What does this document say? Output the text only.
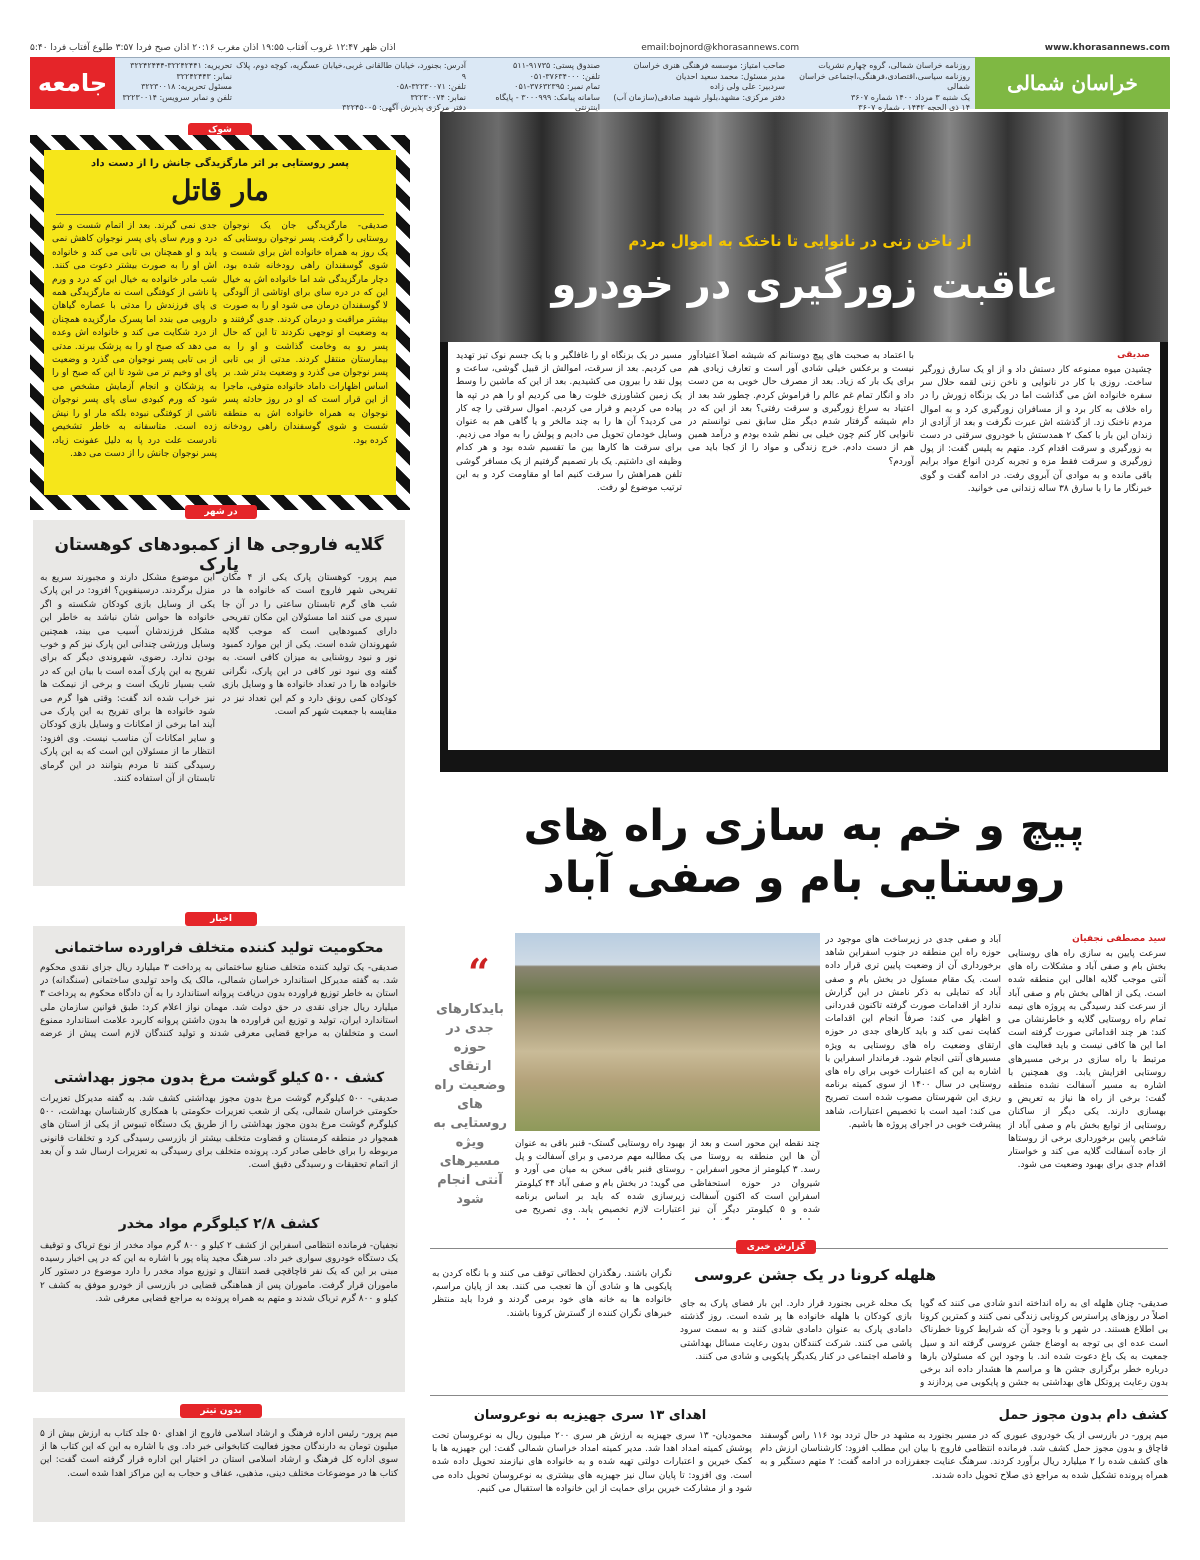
اذان ظهر ۱۲:۴۷ غروب آفتاب ۱۹:۵۵ اذان مغرب ۲۰:۱۶ اذان صبح فردا ۳:۵۷ طلوع آفتاب فردا ۵:۴۰	email:bojnord@khorasannews.com	www.khorasannews.com
خراسان شمالی
جامعه
روزنامه خراسان شمالی، گروه چهارم نشریات
روزنامه سیاسی،اقتصادی،فرهنگی،اجتماعی خراسان شمالی
یک شنبه ۳ مرداد ۱۴۰۰ شماره ۳۶۰۷
۱۴ ذی الحجه ۱۴۴۲ ، شماره ۳۶۰۷
صاحب امتیاز: موسسه فرهنگی هنری خراسان
مدیر مسئول: محمد سعید احدیان
سردبیر: علی ولی زاده
دفتر مرکزی: مشهد،بلوار شهید صادقی(سازمان آب)
صندوق پستی: ۹۱۷۳۵-۵۱۱
تلفن: ۳۷۶۳۴۰۰۰-۰۵۱
تمام نمبر: ۳۷۶۳۲۳۹۵-۰۵۱
سامانه پیامک: ۳۰۰۰۹۹۹ - پایگاه اینترنتی
آدرس: بجنورد، خیابان طالقانی غربی،خیابان عسگریه، کوچه دوم، پلاک ۹
تلفن: ۳۲۲۳۰۰۷۱-۰۵۸
نمابر: ۳۲۲۳۰۰۷۴
دفتر مرکزی پذیرش آگهی: ۳۲۲۴۵۰۰۵
تحریریه: ۳۲۲۴۲۴۴۱-۳۲۲۴۲۴۴۴
نمابر: ۳۲۲۴۲۴۴۳
مسئول تحریریه: ۳۲۲۳۰۰۱۸
تلفن و نمابر سرویس: ۳۲۲۳۰۰۱۴
شوک
پسر روستایی بر اثر مارگزیدگی جانش را از دست داد
مار قاتل
صدیقی- مارگزیدگی جان یک نوجوان روستایی را گرفت. پسر نوجوان روستایی که یک روز به همراه خانواده اش برای شست و شوی گوسفندان راهی رودخانه شده بود، دچار مارگزیدگی شد اما خانواده اش به خیال این که در دره سای برای اوتاشی از آلودگی لا گوسفندان درمان می شود او را به صورت بیشتر مراقبت و درمان کردند. جدی گرفتند و به وضعیت او توجهی نکردند تا این که حال پسر رو به وخامت گذاشت و او را به بیمارستان منتقل کردند. مدتی از بی تابی پسر نوجوان می گذرد و وضعیت بدتر شد. بر اساس اظهارات داماد خانواده متوفی، ماجرا از این قرار است که او در روز حادثه پسر نوجوان به همراه خانواده اش به منطقه شست و شوی گوسفندان راهی رودخانه کرده بود.
جدی نمی گیرند. بعد از اتمام شست و شو درد و ورم سای پای پسر نوجوان کاهش نمی یابد و او همچنان بی تابی می کند و خانواده اش او را به صورت بیشتر دعوت می کنند. شب مادر خانواده به خیال این که درد و ورم پا ناشی از کوفتگی است نه مارگزیدگی همه ی پای فرزندش را مدتی با عصاره گیاهان دارویی می بندد اما پسرک مارگزیده همچنان از درد شکایت می کند و خانواده اش وعده می دهد که صبح او را به پزشک ببرند. مدتی از بی تابی پسر نوجوان می گذرد و وضعیت پای او وخیم تر می شود تا این که صبح او را به پزشکان و انجام آزمایش مشخص می شود که ورم کبودی سای پای پسر نوجوان ناشی از کوفتگی نبوده بلکه مار او را نیش زده است. متاسفانه به خاطر تشخیص نادرست علت درد پا به دلیل عفونت زیاد، پسر نوجوان جانش را از دست می دهد.
در شهر
گلایه فاروجی ها از کمبودهای کوهستان پارک
میم پرور- کوهستان پارک یکی از ۴ مکان تفریحی شهر فاروج است که خانواده ها در شب های گرم تابستان ساعتی را در آن جا سپری می کنند اما مسئولان این مکان تفریحی دارای کمبودهایی است که موجب گلایه شهروندان شده است. یکی از این موارد کمبود نور و نبود روشنایی به میزان کافی است. به گفته وی نبود نور کافی در این پارک، نگرانی خانواده ها را در تعداد خانواده ها و وسایل بازی کودکان کمی رونق دارد و کم این تعداد نیز در مقایسه با جمعیت شهر کم است.
این موضوع مشکل دارند و مجبورند سریع به منزل برگردند. درسینفوین؟ افزود: در این پارک یکی از وسایل بازی کودکان شکسته و اگر خانواده ها حواس شان نباشد به خاطر این مشکل فرزندشان آسیب می بیند، همچنین وسایل ورزشی چندانی این پارک نیز کم و خوب بودن ندارد. رضوی، شهروندی دیگر که برای تفریح به این پارک آمده است با بیان این که در شب بسیار تاریک است و برخی از نیمکت ها نیز خراب شده اند گفت: وقتی هوا گرم می شود خانواده ها برای تفریح به این پارک می آیند اما برخی از امکانات و وسایل بازی کودکان و سایر امکانات آن مناسب نیست. وی افزود: انتظار ما از مسئولان این است که به این پارک رسیدگی کنند تا مردم بتوانند در این گرمای تابستان از آن استفاده کنند.
اخبار
محکومیت تولید کننده متخلف فراورده ساختمانی
صدیقی- یک تولید کننده متخلف صنایع ساختمانی به پرداخت ۳ میلیارد ریال جزای نقدی محکوم شد. به گفته مدیرکل استاندارد خراسان شمالی، مالک یک واحد تولیدی ساختمانی (سنگدانه) در استان به خاطر توزیع فراورده بدون دریافت پروانه استاندارد را به آن دادگاه محکوم به پرداخت ۳ میلیارد ریال جزای نقدی در حق دولت شد. مهمان نواز اعلام کرد: طبق قوانین سازمان ملی استاندارد ایران، تولید و توزیع این فراورده ها بدون داشتن پروانه کاربرد علامت استاندارد ممنوع است و متخلفان به مراجع قضایی معرفی شدند و تولید کنندگان لازم است پیش از عرضه
کشف ۵۰۰ کیلو گوشت مرغ بدون مجوز بهداشتی
صدیقی- ۵۰۰ کیلوگرم گوشت مرغ بدون مجوز بهداشتی کشف شد. به گفته مدیرکل تعزیرات حکومتی خراسان شمالی، یکی از شعب تعزیرات حکومتی با همکاری کارشناسان بهداشت، ۵۰۰ کیلوگرم گوشت مرغ بدون مجوز بهداشتی را از طریق یک دستگاه تیبوس از یکی از استان های همجوار در منطقه کرمستان و قضاوت متخلف بیشتر از بازرسی رسیدگی کرد و تخلفات قانونی مربوطه را برای خاطی صادر کرد. پرونده متخلف برای رسیدگی به تعزیرات ارسال شد و آن بعد از اتمام تحقیقات و رسیدگی دقیق است.
کشف ۲/۸ کیلوگرم مواد مخدر
نجفیان- فرمانده انتظامی اسفراین از کشف ۲ کیلو و ۸۰۰ گرم مواد مخدر از نوع تریاک و توقیف یک دستگاه خودروی سواری خبر داد. سرهنگ مجید پناه پور با اشاره به این که در پی اخبار رسیده مبنی بر این که یک نفر قاچاقچی قصد انتقال و توزیع مواد مخدر را دارد موضوع در دستور کار ماموران قرار گرفت. ماموران پس از هماهنگی قضایی در بازرسی از خودرو موفق به کشف ۲ کیلو و ۸۰۰ گرم تریاک شدند و متهم به همراه پرونده به مراجع قضایی معرفی شد.
بدون تیتر
میم پرور- رئیس اداره فرهنگ و ارشاد اسلامی فاروج از اهدای ۵۰ جلد کتاب به ارزش بیش از ۵ میلیون تومان به دارندگان مجوز فعالیت کتابخوانی خبر داد. وی با اشاره به این که این کتاب ها از سوی اداره کل فرهنگ و ارشاد اسلامی استان در اختیار این اداره قرار گرفته است گفت: این کتاب ها در موضوعات مختلف دینی، مذهبی، عفاف و حجاب به این مراکز اهدا شده است.
از ناخن زنی در نانوایی تا ناخنک به اموال مردم
عاقبت زورگیری در خودرو
صدیقی
چشیدن میوه ممنوعه کار دستش داد و از او یک سارق زورگیر ساخت. روزی با کار در نانوایی و ناخن زنی لقمه حلال سر سفره خانواده اش می گذاشت اما در یک بزنگاه زورش را در راه خلاف به کار برد و از مسافران زورگیری کرد و به اموال مردم ناخنک زد. از گذشته اش عبرت نگرفت و بعد از آزادی از زندان این بار با کمک ۲ همدستش با خودروی سرقتی در دست به زورگیری و سرقت اقدام کرد. متهم به پلیس گفت: از پول زورگیری و سرقت فقط مزه و تجربه کردن انواع مواد برایم باقی مانده و به موادی آن آبروی رفت. در ادامه گفت و گوی خبرنگار ما را با سارق ۳۸ ساله زندانی می خوانید.
با اعتماد به صحبت های پیچ دوستانم که شیشه اصلاً اعتیادآور نیست و برعکس خیلی شادی آور است و تعارف زیادی هم برای یک بار که زیاد. بعد از مصرف حال خوبی به من دست داد و انگار تمام غم عالم را فراموش کردم. چطور شد بعد از اعتیاد به سراغ زورگیری و سرقت رفتی؟ بعد از این که در دام شیشه گرفتار شدم دیگر مثل سابق نمی توانستم در نانوایی کار کنم چون خیلی بی نظم شده بودم و درآمد همین هم از دست دادم. خرج زندگی و مواد را از کجا باید می آوردم؟
مسیر در یک بزنگاه او را غافلگیر و با یک جسم نوک تیز تهدید می کردیم. بعد از سرقت، اموالش از قبیل گوشی، ساعت و پول نقد را بیرون می کشیدیم. بعد از این که ماشین را وسط یک زمین کشاورزی خلوت رها می کردیم او را هم در تپه ها پیاده می کردیم و فرار می کردیم. اموال سرقتی را چه کار می کردید؟ آن ها را به چند مالخر و یا گاهی هم به عنوان وسایل خودمان تحویل می دادیم و پولش را به مواد می زدیم. برای سرقت ها کارها بین ما تقسیم شده بود و هر کدام وظیفه ای داشتیم. یک بار تصمیم گرفتیم از یک مسافر گوشی تلفن همراهش را سرقت کنیم اما او مقاومت کرد و به این ترتیب موضوع لو رفت.
پیچ و خم به سازی راه های روستایی بام و صفی آباد
سید مصطفی نجفیان
سرعت پایین به سازی راه های روستایی بخش بام و صفی آباد و مشکلات راه های آنتی موجب گلایه اهالی این منطقه شده است. یکی از اهالی بخش بام و صفی آباد از سرعت کند رسیدگی به پروژه های نیمه تمام راه روستایی گلایه و خاطرنشان می کند: هر چند اقداماتی صورت گرفته است اما این ها کافی نیست و باید فعالیت های مرتبط با راه سازی در برخی مسیرهای روستایی افزایش یابد. وی همچنین با اشاره به مسیر آسفالت نشده منطقه گفت: برخی از راه ها نیاز به تعریض و بهسازی دارند. یکی دیگر از ساکنان روستایی از توابع بخش بام و صفی آباد از شاخص پایین برخورداری برخی از روستاها از جاده آسفالت گلایه می کند و خواستار اقدام جدی برای بهبود وضعیت می شود.
آباد و صفی جدی در زیرساخت های موجود در حوزه راه این منطقه در جنوب اسفراین شاهد برخورداری آن از وضعیت پایین تری قرار داده است. یک مقام مسئول در بخش بام و صفی آباد که تمایلی به ذکر نامش در این گزارش ندارد از اقدامات صورت گرفته تاکنون قدردانی و اظهار می کند: صرفاً انجام این اقدامات کفایت نمی کند و باید کارهای جدی در حوزه ارتقای وضعیت راه های روستایی به ویژه مسیرهای آنتی انجام شود. فرماندار اسفراین با اشاره به این که اعتبارات خوبی برای راه های روستایی در سال ۱۴۰۰ از سوی کمیته برنامه ریزی این شهرستان مصوب شده است تصریح می کند: امید است با تخصیص اعتبارات، شاهد پیشرفت خوبی در اجرای پروژه ها باشیم.
“
بایدکارهای جدی در حوزه ارتقای وضعیت راه های روستایی به ویژه مسیرهای آنتی انجام شود
چند نقطه این محور است و بعد از آن ها این منطقه به روستا می رسد. ۳ کیلومتر از محور اسفراین - شیروان در حوزه استحفاظی اسفراین است که اکنون آسفالت شده و ۵ کیلومتر دیگر آن نیز
بهبود راه روستایی گستک- قنبر باقی به عنوان یک مطالبه مهم مردمی و برای آسفالت و پل روستای قنبر باقی سخن به میان می آورد و می گوید: در بخش بام و صفی آباد ۴۴ کیلومتر زیرسازی شده که باید بر اساس برنامه اعتبارات لازم تخصیص یابد. وی تصریح می
گزارش خبری
هلهله کرونا در یک جشن عروسی
صدیقی- چنان هلهله ای به راه انداخته اندو شادی می کنند که گویا اصلاً در روزهای پراسترس کرونایی زندگی نمی کنند و کمترین کرونا بی اطلاع هستند. در شهر و با وجود آن که شرایط کرونا خطرناک است عده ای بی توجه به اوضاع جشن عروسی گرفته اند و سیل جمعیت به یک باغ دعوت شده اند. با وجود این که مسئولان بارها درباره خطر برگزاری جشن ها و مراسم ها هشدار داده اند برخی بدون رعایت پروتکل های بهداشتی به جشن و پایکوبی می پردازند و
یک محله غربی بجنورد قرار دارد. این بار فضای پارک به جای بازی کودکان با هلهله خانواده ها پر شده است. روز گذشته دامادی پارک به عنوان دامادی شادی کنند و به سمت سرود پاشی می کنند. شرکت کنندگان بدون رعایت مسائل بهداشتی و فاصله اجتماعی در کنار یکدیگر پایکوبی و شادی می کنند.
نگران باشند. رهگذران لحظاتی توقف می کنند و با نگاه کردن به پایکوبی ها و شادی آن ها تعجب می کنند. بعد از پایان مراسم، خانواده ها به خانه های خود برمی گردند و فردا باید منتظر خبرهای نگران کننده از گسترش کرونا باشند.
کشف دام بدون مجوز حمل
میم پرور- در بازرسی از یک خودروی عبوری که در مسیر بجنورد به مشهد در حال تردد بود ۱۱۶ راس گوسفند قاچاق و بدون مجوز حمل کشف شد. فرمانده انتظامی فاروج با بیان این مطلب افزود: کارشناسان ارزش دام های کشف شده را ۲ میلیارد ریال برآورد کردند. سرهنگ عنایت جعفرزاده در ادامه گفت: ۲ متهم دستگیر و به همراه پرونده تشکیل شده به مراجع ذی صلاح تحویل داده شدند.
اهدای ۱۳ سری جهیزیه به نوعروسان
محمودیان- ۱۳ سری جهیزیه به ارزش هر سری ۲۰۰ میلیون ریال به نوعروسان تحت پوشش کمیته امداد اهدا شد. مدیر کمیته امداد خراسان شمالی گفت: این جهیزیه ها با کمک خیرین و اعتبارات دولتی تهیه شده و به خانواده های نیازمند تحویل داده شده است. وی افزود: تا پایان سال نیز جهیزیه های بیشتری به نوعروسان تحویل داده می شود و از مشارکت خیرین برای حمایت از این خانواده ها استقبال می کنیم.
